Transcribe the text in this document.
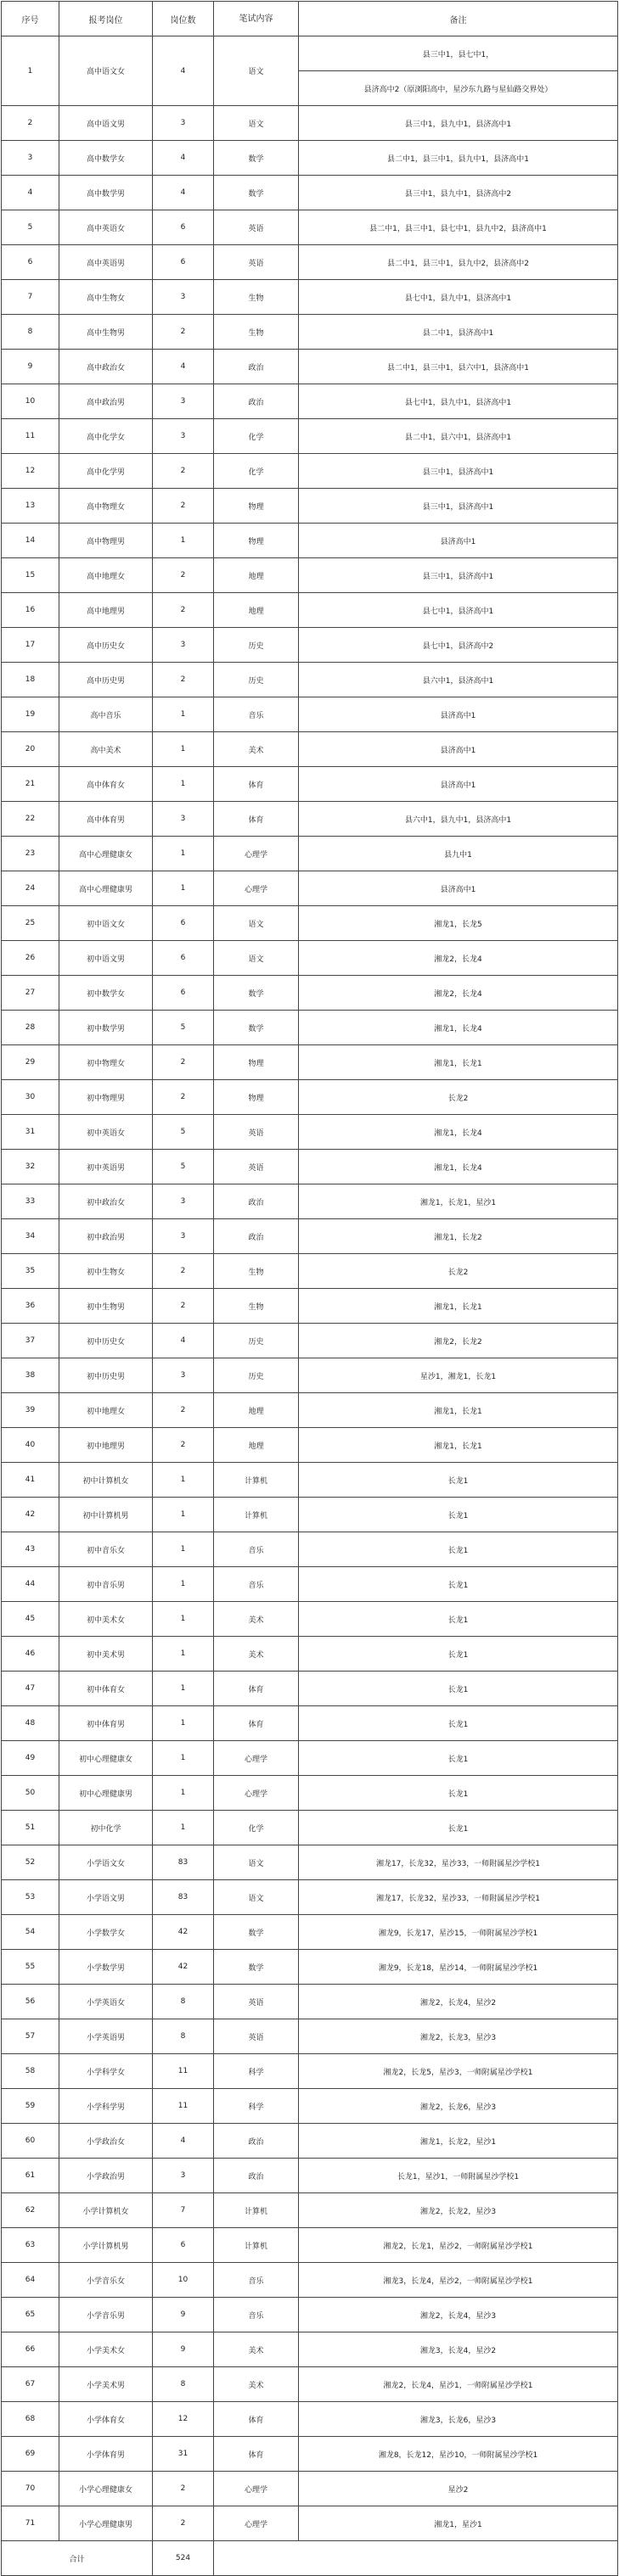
序号	报考岗位	岗位数	笔试内容	备注
1	高中语文女	4	语文	县三中1，县七中1，
				县济高中2（原浏阳高中，星沙东九路与星仙路交界处）
2	高中语文男	3	语文	县三中1，县九中1，县济高中1
3	高中数学女	4	数学	县二中1，县三中1，县九中1，县济高中1
4	高中数学男	4	数学	县三中1，县九中1，县济高中2
5	高中英语女	6	英语	县二中1，县三中1，县七中1，县九中2，县济高中1
6	高中英语男	6	英语	县二中1，县三中1，县九中2，县济高中2
7	高中生物女	3	生物	县七中1，县九中1，县济高中1
8	高中生物男	2	生物	县二中1，县济高中1
9	高中政治女	4	政治	县二中1，县三中1，县六中1，县济高中1
10	高中政治男	3	政治	县七中1，县九中1，县济高中1
11	高中化学女	3	化学	县二中1，县六中1，县济高中1
12	高中化学男	2	化学	县三中1，县济高中1
13	高中物理女	2	物理	县三中1，县济高中1
14	高中物理男	1	物理	县济高中1
15	高中地理女	2	地理	县三中1，县济高中1
16	高中地理男	2	地理	县七中1，县济高中1
17	高中历史女	3	历史	县七中1，县济高中2
18	高中历史男	2	历史	县六中1，县济高中1
19	高中音乐	1	音乐	县济高中1
20	高中美术	1	美术	县济高中1
21	高中体育女	1	体育	县济高中1
22	高中体育男	3	体育	县六中1，县九中1，县济高中1
23	高中心理健康女	1	心理学	县九中1
24	高中心理健康男	1	心理学	县济高中1
25	初中语文女	6	语文	湘龙1，长龙5
26	初中语文男	6	语文	湘龙2，长龙4
27	初中数学女	6	数学	湘龙2，长龙4
28	初中数学男	5	数学	湘龙1，长龙4
29	初中物理女	2	物理	湘龙1，长龙1
30	初中物理男	2	物理	长龙2
31	初中英语女	5	英语	湘龙1，长龙4
32	初中英语男	5	英语	湘龙1，长龙4
33	初中政治女	3	政治	湘龙1，长龙1，星沙1
34	初中政治男	3	政治	湘龙1，长龙2
35	初中生物女	2	生物	长龙2
36	初中生物男	2	生物	湘龙1，长龙1
37	初中历史女	4	历史	湘龙2，长龙2
38	初中历史男	3	历史	星沙1，湘龙1，长龙1
39	初中地理女	2	地理	湘龙1，长龙1
40	初中地理男	2	地理	湘龙1，长龙1
41	初中计算机女	1	计算机	长龙1
42	初中计算机男	1	计算机	长龙1
43	初中音乐女	1	音乐	长龙1
44	初中音乐男	1	音乐	长龙1
45	初中美术女	1	美术	长龙1
46	初中美术男	1	美术	长龙1
47	初中体育女	1	体育	长龙1
48	初中体育男	1	体育	长龙1
49	初中心理健康女	1	心理学	长龙1
50	初中心理健康男	1	心理学	长龙1
51	初中化学	1	化学	长龙1
52	小学语文女	83	语文	湘龙17，长龙32，星沙33，一师附属星沙学校1
53	小学语文男	83	语文	湘龙17，长龙32，星沙33，一师附属星沙学校1
54	小学数学女	42	数学	湘龙9，长龙17，星沙15，一师附属星沙学校1
55	小学数学男	42	数学	湘龙9，长龙18，星沙14，一师附属星沙学校1
56	小学英语女	8	英语	湘龙2，长龙4，星沙2
57	小学英语男	8	英语	湘龙2，长龙3，星沙3
58	小学科学女	11	科学	湘龙2，长龙5，星沙3，一师附属星沙学校1
59	小学科学男	11	科学	湘龙2，长龙6，星沙3
60	小学政治女	4	政治	湘龙1，长龙2，星沙1
61	小学政治男	3	政治	长龙1，星沙1，一师附属星沙学校1
62	小学计算机女	7	计算机	湘龙2，长龙2，星沙3
63	小学计算机男	6	计算机	湘龙2，长龙1，星沙2，一师附属星沙学校1
64	小学音乐女	10	音乐	湘龙3，长龙4，星沙2，一师附属星沙学校1
65	小学音乐男	9	音乐	湘龙2，长龙4，星沙3
66	小学美术女	9	美术	湘龙3，长龙4，星沙2
67	小学美术男	8	美术	湘龙2，长龙4，星沙1，一师附属星沙学校1
68	小学体育女	12	体育	湘龙3，长龙6，星沙3
69	小学体育男	31	体育	湘龙8，长龙12，星沙10，一师附属星沙学校1
70	小学心理健康女	2	心理学	星沙2
71	小学心理健康男	2	心理学	湘龙1，星沙1
合计		524		
